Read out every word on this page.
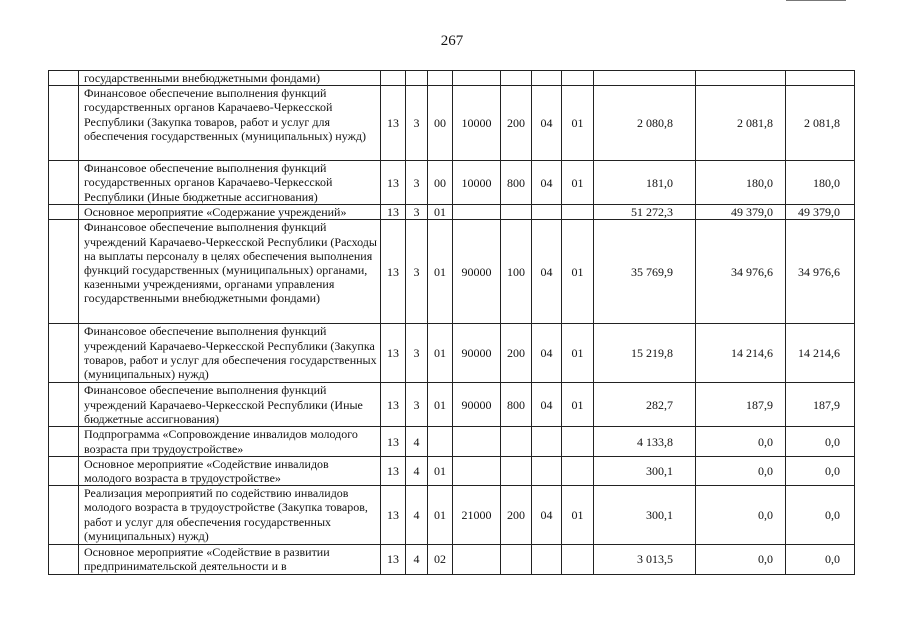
267
	государственными внебюджетными фондами)										
	Финансовое обеспечение выполнения функций государственных органов Карачаево-Черкесской Республики (Закупка товаров, работ и услуг для обеспечения государственных (муниципальных) нужд)	13	3	00	10000	200	04	01	2 080,8	2 081,8	2 081,8
	Финансовое обеспечение выполнения функций государственных органов Карачаево-Черкесской Республики (Иные бюджетные ассигнования)	13	3	00	10000	800	04	01	181,0	180,0	180,0
	Основное мероприятие «Содержание учреждений»	13	3	01					51 272,3	49 379,0	49 379,0
	Финансовое обеспечение выполнения функций учреждений Карачаево-Черкесской Республики (Расходы на выплаты персоналу в целях обеспечения выполнения функций государственных (муниципальных) органами, казенными учреждениями, органами управления государственными внебюджетными фондами)	13	3	01	90000	100	04	01	35 769,9	34 976,6	34 976,6
	Финансовое обеспечение выполнения функций учреждений Карачаево-Черкесской Республики (Закупка товаров, работ и услуг для обеспечения государственных (муниципальных) нужд)	13	3	01	90000	200	04	01	15 219,8	14 214,6	14 214,6
	Финансовое обеспечение выполнения функций учреждений Карачаево-Черкесской Республики (Иные бюджетные ассигнования)	13	3	01	90000	800	04	01	282,7	187,9	187,9
	Подпрограмма «Сопровождение инвалидов молодого возраста при трудоустройстве»	13	4						4 133,8	0,0	0,0
	Основное мероприятие «Содействие инвалидов молодого возраста в трудоустройстве»	13	4	01					300,1	0,0	0,0
	Реализация мероприятий по содействию инвалидов молодого возраста в трудоустройстве (Закупка товаров, работ и услуг для обеспечения государственных (муниципальных) нужд)	13	4	01	21000	200	04	01	300,1	0,0	0,0
	Основное мероприятие «Содействие в развитии предпринимательской деятельности и в	13	4	02					3 013,5	0,0	0,0
